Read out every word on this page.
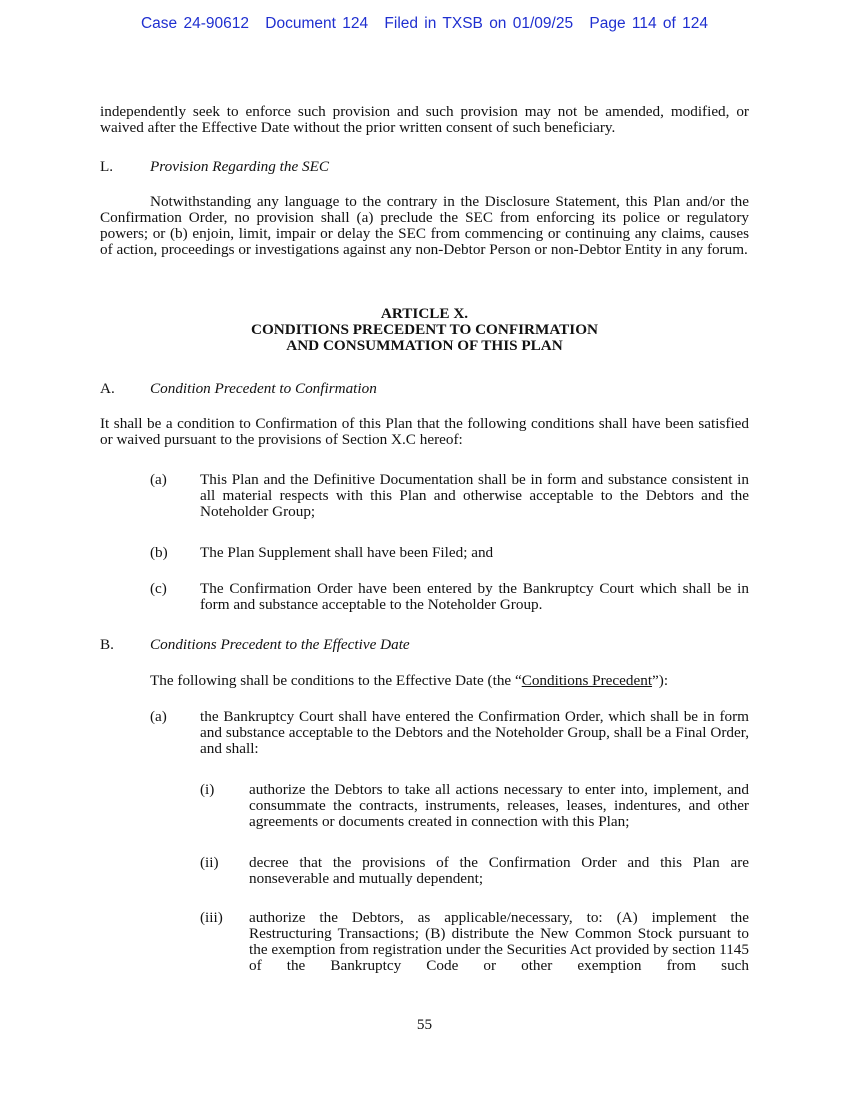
Case 24-90612 Document 124 Filed in TXSB on 01/09/25 Page 114 of 124

independently seek to enforce such provision and such provision may not be amended, modified, or waived after the Effective Date without the prior written consent of such beneficiary.

L. Provision Regarding the SEC

Notwithstanding any language to the contrary in the Disclosure Statement, this Plan and/or the Confirmation Order, no provision shall (a) preclude the SEC from enforcing its police or regulatory powers; or (b) enjoin, limit, impair or delay the SEC from commencing or continuing any claims, causes of action, proceedings or investigations against any non-Debtor Person or non-Debtor Entity in any forum.

ARTICLE X.
CONDITIONS PRECEDENT TO CONFIRMATION
AND CONSUMMATION OF THIS PLAN
A. Condition Precedent to Confirmation

It shall be a condition to Confirmation of this Plan that the following conditions shall have been satisfied or waived pursuant to the provisions of Section X.C hereof:

(a) This Plan and the Definitive Documentation shall be in form and substance consistent in all material respects with this Plan and otherwise acceptable to the Debtors and the Noteholder Group;

(b) The Plan Supplement shall have been Filed; and

(c) The Confirmation Order have been entered by the Bankruptcy Court which shall be in form and substance acceptable to the Noteholder Group.

B. Conditions Precedent to the Effective Date

The following shall be conditions to the Effective Date (the “Conditions Precedent”):

(a) the Bankruptcy Court shall have entered the Confirmation Order, which shall be in form and substance acceptable to the Debtors and the Noteholder Group, shall be a Final Order, and shall:

(i) authorize the Debtors to take all actions necessary to enter into, implement, and consummate the contracts, instruments, releases, leases, indentures, and other agreements or documents created in connection with this Plan;

(ii) decree that the provisions of the Confirmation Order and this Plan are nonseverable and mutually dependent;

(iii) authorize the Debtors, as applicable/necessary, to: (A) implement the Restructuring Transactions; (B) distribute the New Common Stock pursuant to the exemption from registration under the Securities Act provided by section 1145 of the Bankruptcy Code or other exemption from such

55
